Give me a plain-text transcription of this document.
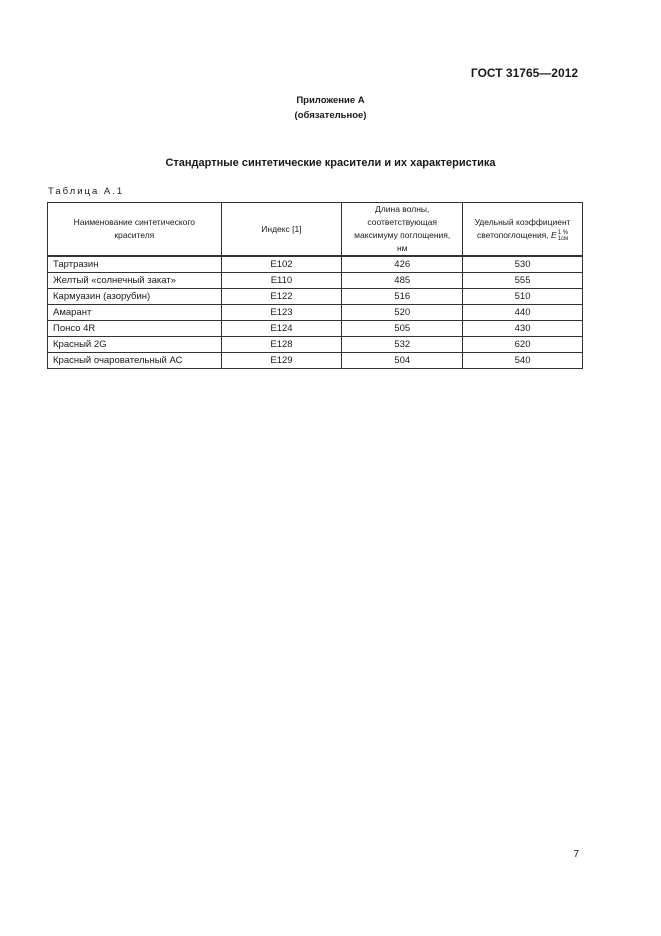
ГОСТ 31765—2012
Приложение А
(обязательное)
Стандартные синтетические красители и их характеристика
Таблица А.1
Наименование синтетического красителя	Индекс [1]	Длина волны, соответствующая максимуму поглощения, нм	Удельный коэффициент светопоглощения, E 1 %
1см

Тартразин	Е102	426	530
Желтый «солнечный закат»	Е110	485	555
Кармуазин (азорубин)	Е122	516	510
Амарант	Е123	520	440
Понсо 4R	Е124	505	430
Красный 2G	Е128	532	620
Красный очаровательный АС	Е129	504	540
7
